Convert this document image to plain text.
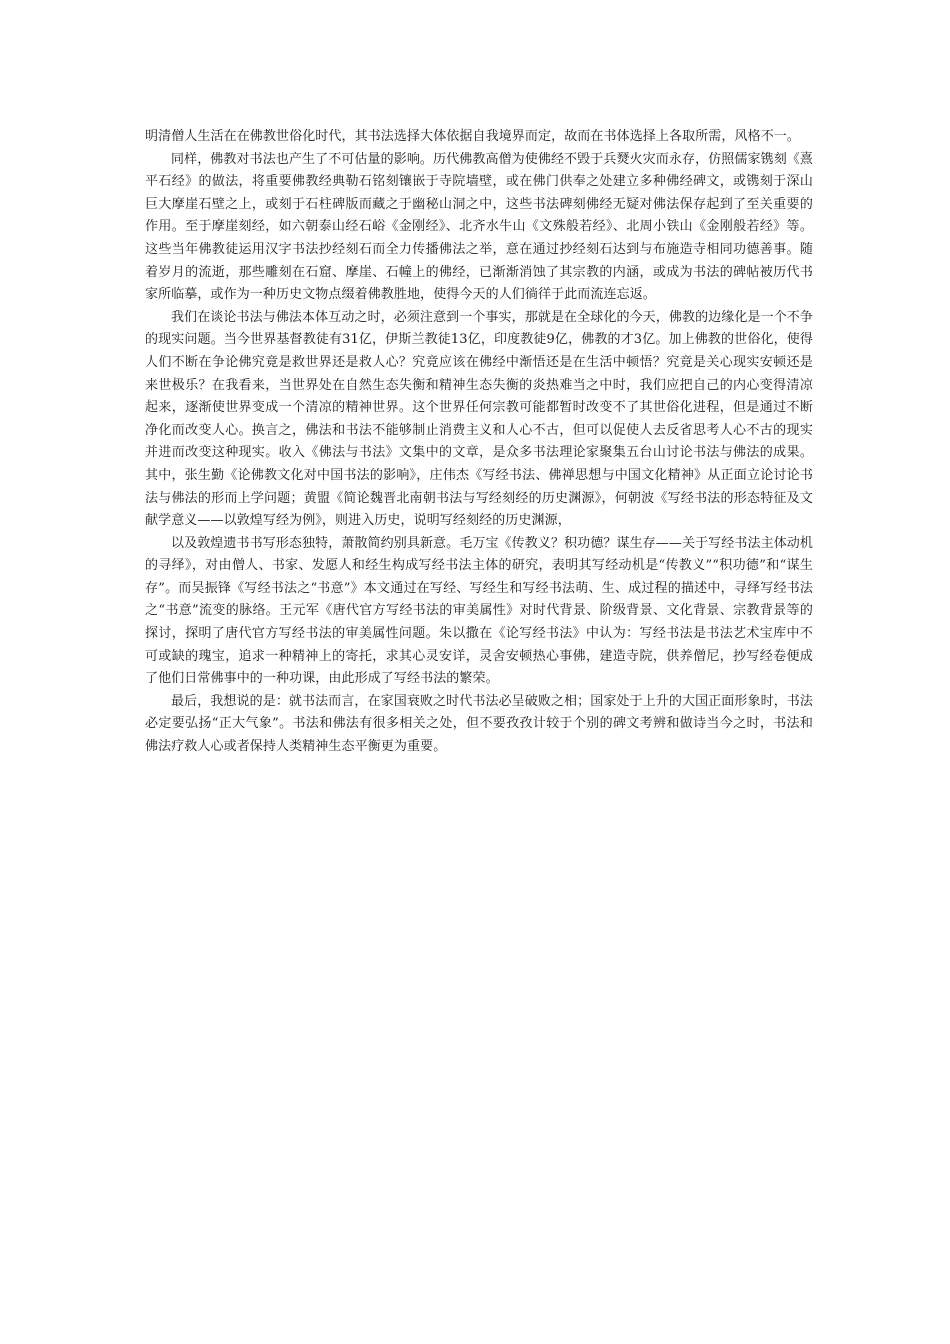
明清僧人生活在在佛教世俗化时代，其书法选择大体依据自我境界而定，故而在书体选择上各取所需，风格不一。

同样，佛教对书法也产生了不可估量的影响。历代佛教高僧为使佛经不毁于兵燹火灾而永存，仿照儒家镌刻《熹平石经》的做法，将重要佛教经典勒石铭刻镶嵌于寺院墙壁，或在佛门供奉之处建立多种佛经碑文，或镌刻于深山巨大摩崖石壁之上，或刻于石柱碑版而藏之于幽秘山洞之中，这些书法碑刻佛经无疑对佛法保存起到了至关重要的作用。至于摩崖刻经，如六朝泰山经石峪《金刚经》、北齐水牛山《文殊般若经》、北周小铁山《金刚般若经》等。这些当年佛教徒运用汉字书法抄经刻石而全力传播佛法之举，意在通过抄经刻石达到与布施造寺相同功德善事。随着岁月的流逝，那些雕刻在石窟、摩崖、石幢上的佛经，已渐渐消蚀了其宗教的内涵，或成为书法的碑帖被历代书家所临摹，或作为一种历史文物点缀着佛教胜地，使得今天的人们徜徉于此而流连忘返。

我们在谈论书法与佛法本体互动之时，必须注意到一个事实，那就是在全球化的今天，佛教的边缘化是一个不争的现实问题。当今世界基督教徒有31亿，伊斯兰教徒13亿，印度教徒9亿，佛教的才3亿。加上佛教的世俗化，使得人们不断在争论佛究竟是救世界还是救人心？究竟应该在佛经中渐悟还是在生活中顿悟？究竟是关心现实安顿还是来世极乐？在我看来，当世界处在自然生态失衡和精神生态失衡的炎热难当之中时，我们应把自己的内心变得清凉起来，逐渐使世界变成一个清凉的精神世界。这个世界任何宗教可能都暂时改变不了其世俗化进程，但是通过不断净化而改变人心。换言之，佛法和书法不能够制止消费主义和人心不古，但可以促使人去反省思考人心不古的现实并进而改变这种现实。收入《佛法与书法》文集中的文章，是众多书法理论家聚集五台山讨论书法与佛法的成果。其中，张生勤《论佛教文化对中国书法的影响》，庄伟杰《写经书法、佛禅思想与中国文化精神》从正面立论讨论书法与佛法的形而上学问题；黄盟《简论魏晋北南朝书法与写经刻经的历史渊源》，何朝波《写经书法的形态特征及文献学意义——以敦煌写经为例》，则进入历史，说明写经刻经的历史渊源，

以及敦煌遗书书写形态独特，萧散简约别具新意。毛万宝《传教义？积功德？谋生存——关于写经书法主体动机的寻绎》，对由僧人、书家、发愿人和经生构成写经书法主体的研究，表明其写经动机是“传教义”“积功德”和“谋生存”。而吴振锋《写经书法之“书意”》本文通过在写经、写经生和写经书法萌、生、成过程的描述中，寻绎写经书法之“书意”流变的脉络。王元军《唐代官方写经书法的审美属性》对时代背景、阶级背景、文化背景、宗教背景等的探讨，探明了唐代官方写经书法的审美属性问题。朱以撒在《论写经书法》中认为：写经书法是书法艺术宝库中不可或缺的瑰宝，追求一种精神上的寄托，求其心灵安详，灵舍安顿热心事佛，建造寺院，供养僧尼，抄写经卷便成了他们日常佛事中的一种功课，由此形成了写经书法的繁荣。

最后，我想说的是：就书法而言，在家国衰败之时代书法必呈破败之相；国家处于上升的大国正面形象时，书法必定要弘扬“正大气象”。书法和佛法有很多相关之处，但不要孜孜计较于个别的碑文考辨和做诗当今之时，书法和佛法疗救人心或者保持人类精神生态平衡更为重要。
